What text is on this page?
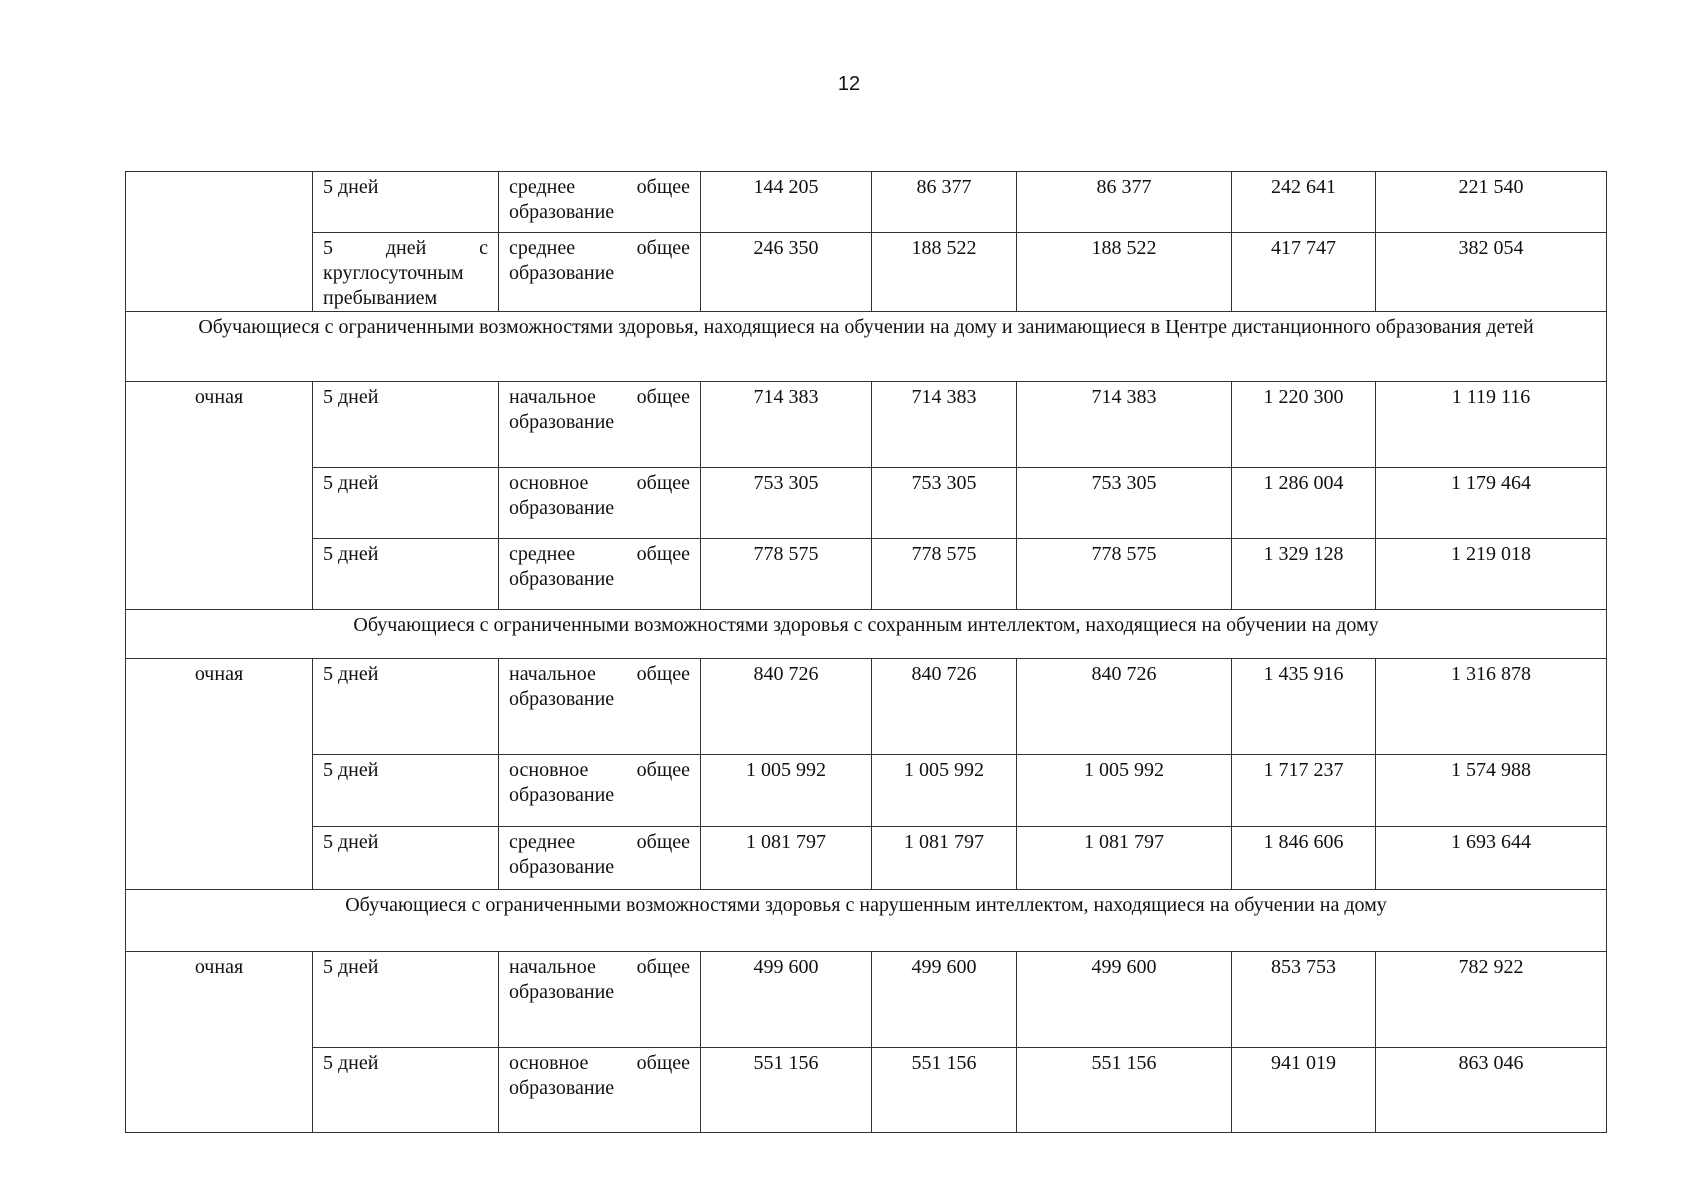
12
	5 дней	среднее общее образование	144 205	86 377	86 377	242 641	221 540
	5 дней с круглосуточным пребыванием	среднее общее образование	246 350	188 522	188 522	417 747	382 054
Обучающиеся с ограниченными возможностями здоровья, находящиеся на обучении на дому и занимающиеся в Центре дистанционного образования детей							
очная	5 дней	начальное общее образование	714 383	714 383	714 383	1 220 300	1 119 116
	5 дней	основное общее образование	753 305	753 305	753 305	1 286 004	1 179 464
	5 дней	среднее общее образование	778 575	778 575	778 575	1 329 128	1 219 018
Обучающиеся с ограниченными возможностями здоровья с сохранным интеллектом, находящиеся на обучении на дому							
очная	5 дней	начальное общее образование	840 726	840 726	840 726	1 435 916	1 316 878
	5 дней	основное общее образование	1 005 992	1 005 992	1 005 992	1 717 237	1 574 988
	5 дней	среднее общее образование	1 081 797	1 081 797	1 081 797	1 846 606	1 693 644
Обучающиеся с ограниченными возможностями здоровья с нарушенным интеллектом, находящиеся на обучении на дому							
очная	5 дней	начальное общее образование	499 600	499 600	499 600	853 753	782 922
	5 дней	основное общее образование	551 156	551 156	551 156	941 019	863 046
